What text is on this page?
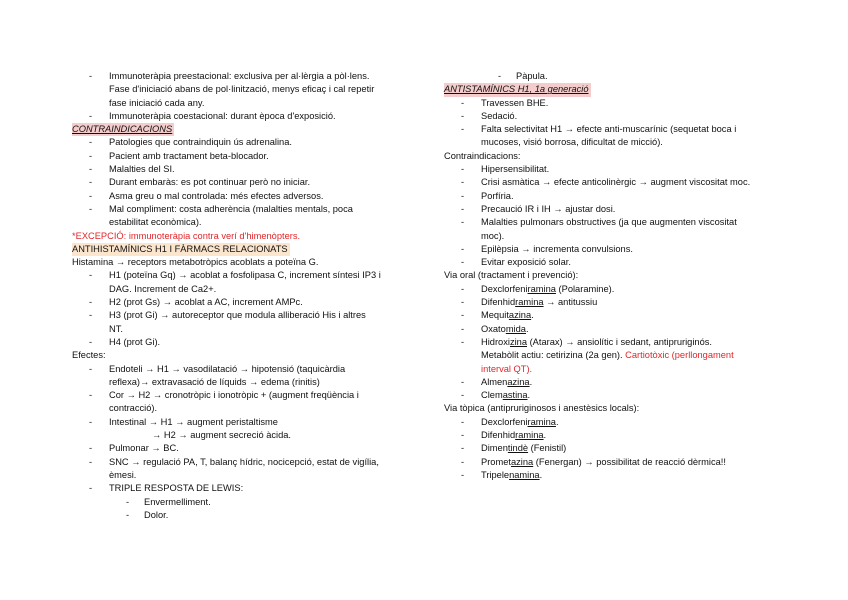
- Immunoteràpia preestacional: exclusiva per al·lèrgia a pòl·lens.
Fase d'iniciació abans de pol·linització, menys eficaç i cal repetir
fase iniciació cada any.
- Immunoteràpia coestacional: durant època d'exposició.
CONTRAINDICACIONS
- Patologies que contraindiquin ús adrenalina.
- Pacient amb tractament beta-blocador.
- Malalties del SI.
- Durant embaràs: es pot continuar però no iniciar.
- Asma greu o mal controlada: més efectes adversos.
- Mal compliment: costa adherència (malalties mentals, poca
estabilitat econòmica).
*EXCEPCIÓ: immunoteràpia contra verí d'himenòpters.
ANTIHISTAMÍNICS H1 I FÀRMACS RELACIONATS
Histamina → receptors metabotròpics acoblats a poteïna G.
- H1 (poteïna Gq) → acoblat a fosfolipasa C, increment síntesi IP3 i
DAG. Increment de Ca2+.
- H2 (prot Gs) → acoblat a AC, increment AMPc.
- H3 (prot Gi) → autoreceptor que modula alliberació His i altres
NT.
- H4 (prot Gi).
Efectes:
- Endoteli → H1 → vasodilatació → hipotensió (taquicàrdia
reflexa)→ extravasació de líquids → edema (rinitis)
- Cor → H2 → cronotròpic i ionotròpic + (augment freqüència i
contracció).
- Intestinal → H1 → augment peristaltisme
→ H2 → augment secreció àcida.
- Pulmonar → BC.
- SNC → regulació PA, T, balanç hídric, nocicepció, estat de vigília,
èmesi.
- TRIPLE RESPOSTA DE LEWIS:
- Envermelliment.
- Dolor.
- Pàpula.
ANTISTAMÍNICS H1, 1a generació
- Travessen BHE.
- Sedació.
- Falta selectivitat H1 → efecte anti-muscarínic (sequetat boca i
mucoses, visió borrosa, dificultat de micció).
Contraindicacions:
- Hipersensibilitat.
- Crisi asmàtica → efecte anticolinèrgic → augment viscositat moc.
- Porfíria.
- Precaució IR i IH → ajustar dosi.
- Malalties pulmonars obstructives (ja que augmenten viscositat
moc).
- Epilèpsia → incrementa convulsions.
- Evitar exposició solar.
Via oral (tractament i prevenció):
- Dexclorfeniramina (Polaramine).
- Difenhidramina → antitussiu
- Mequitazina.
- Oxatomida.
- Hidroxizina (Atarax) → ansiolític i sedant, antipruriginós.
Metabòlit actiu: cetirizina (2a gen). Cartiotòxic (perllongament
interval QT).
- Almenazina.
- Clemastina.
Via tòpica (antipruriginosos i anestèsics locals):
- Dexclorfeniramina.
- Difenhidramina.
- Dimentindè (Fenistil)
- Prometazina (Fenergan) → possibilitat de reacció dèrmica!!
- Tripelenamina.
